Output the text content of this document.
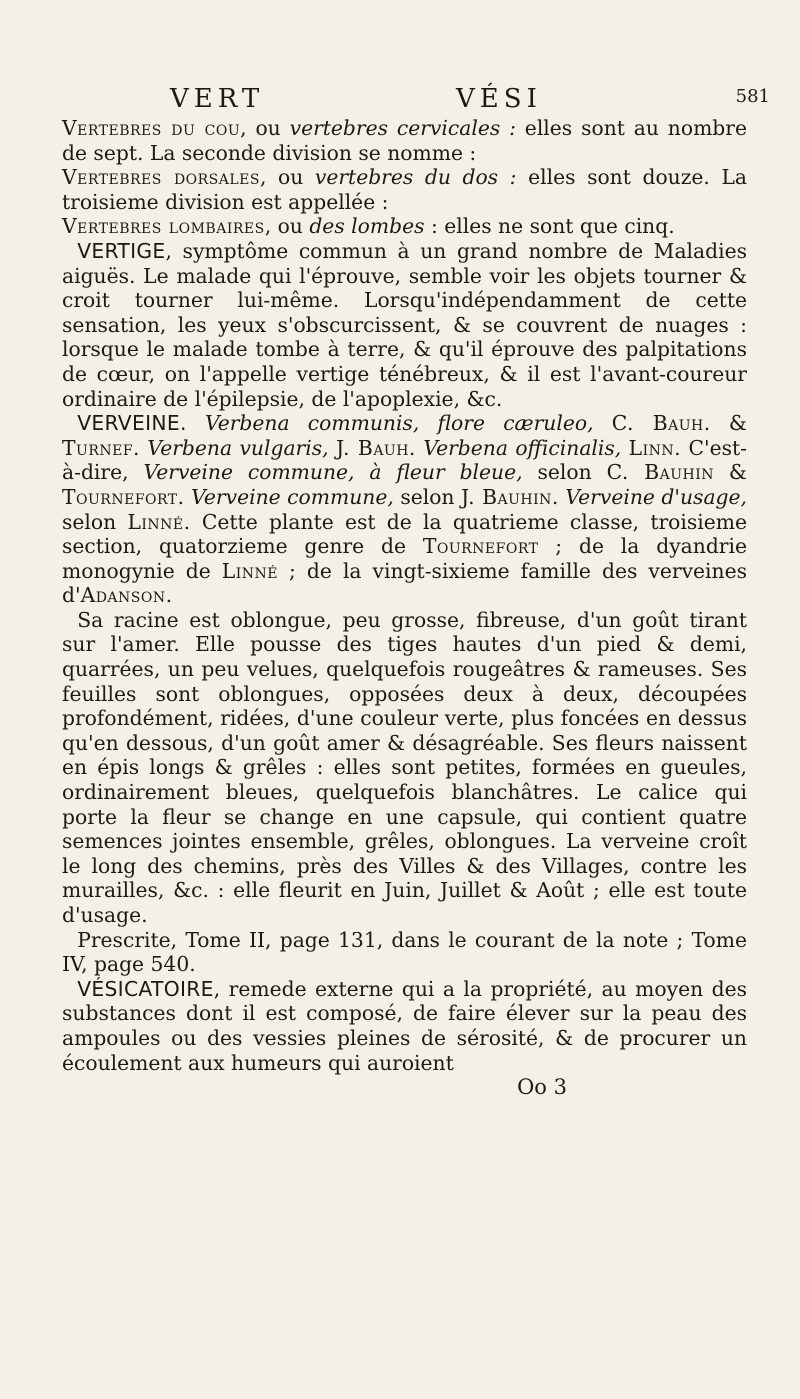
VERT	VÉSI	581

Vertebres du cou, ou vertebres cervicales : elles sont au nombre de sept. La seconde division se nomme :

Vertebres dorsales, ou vertebres du dos : elles sont douze. La troisieme division est appellée :

Vertebres lombaires, ou des lombes : elles ne sont que cinq.

VERTIGE, symptôme commun à un grand nombre de Maladies aiguës. Le malade qui l'éprouve, semble voir les objets tourner & croit tourner lui-même. Lorsqu'indépendamment de cette sensation, les yeux s'obscurcissent, & se couvrent de nuages : lorsque le malade tombe à terre, & qu'il éprouve des palpitations de cœur, on l'appelle vertige ténébreux, & il est l'avant-coureur ordinaire de l'épilepsie, de l'apoplexie, &c.

VERVEINE. Verbena communis, flore cæruleo, C. Bauh. & Turnef. Verbena vulgaris, J. Bauh. Verbena officinalis, Linn. C'est-à-dire, Verveine commune, à fleur bleue, selon C. Bauhin & Tournefort. Verveine commune, selon J. Bauhin. Verveine d'usage, selon Linné. Cette plante est de la quatrieme classe, troisieme section, quatorzieme genre de Tournefort ; de la dyandrie monogynie de Linné ; de la vingt-sixieme famille des verveines d'Adanson.

Sa racine est oblongue, peu grosse, fibreuse, d'un goût tirant sur l'amer. Elle pousse des tiges hautes d'un pied & demi, quarrées, un peu velues, quelquefois rougeâtres & rameuses. Ses feuilles sont oblongues, opposées deux à deux, découpées profondément, ridées, d'une couleur verte, plus foncées en dessus qu'en dessous, d'un goût amer & désagréable. Ses fleurs naissent en épis longs & grêles : elles sont petites, formées en gueules, ordinairement bleues, quelquefois blanchâtres. Le calice qui porte la fleur se change en une capsule, qui contient quatre semences jointes ensemble, grêles, oblongues. La verveine croît le long des chemins, près des Villes & des Villages, contre les murailles, &c. : elle fleurit en Juin, Juillet & Août ; elle est toute d'usage.

Prescrite, Tome II, page 131, dans le courant de la note ; Tome IV, page 540.

VÉSICATOIRE, remede externe qui a la propriété, au moyen des substances dont il est composé, de faire élever sur la peau des ampoules ou des vessies pleines de sérosité, & de procurer un écoulement aux humeurs qui auroient

Oo 3
